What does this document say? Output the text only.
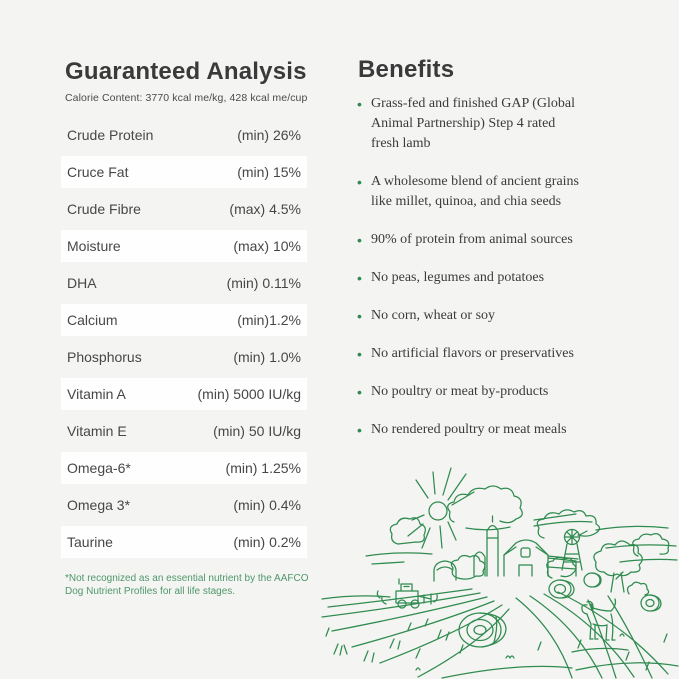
Guaranteed Analysis
Calorie Content: 3770 kcal me/kg, 428 kcal me/cup
Crude Protein	(min) 26%
Cruce Fat	(min) 15%
Crude Fibre	(max) 4.5%
Moisture	(max) 10%
DHA	(min) 0.11%
Calcium	(min)1.2%
Phosphorus	(min) 1.0%
Vitamin A	(min) 5000 IU/kg
Vitamin E	(min) 50 IU/kg
Omega-6*	(min) 1.25%
Omega 3*	(min) 0.4%
Taurine	(min) 0.2%
*Not recognized as an essential nutrient by the AAFCO Dog Nutrient Profiles for all life stages.
Benefits
• Grass-fed and finished GAP (Global Animal Partnership) Step 4 rated fresh lamb
• A wholesome blend of ancient grains like millet, quinoa, and chia seeds
• 90% of protein from animal sources
• No peas, legumes and potatoes
• No corn, wheat or soy
• No artificial flavors or preservatives
• No poultry or meat by-products
• No rendered poultry or meat meals
